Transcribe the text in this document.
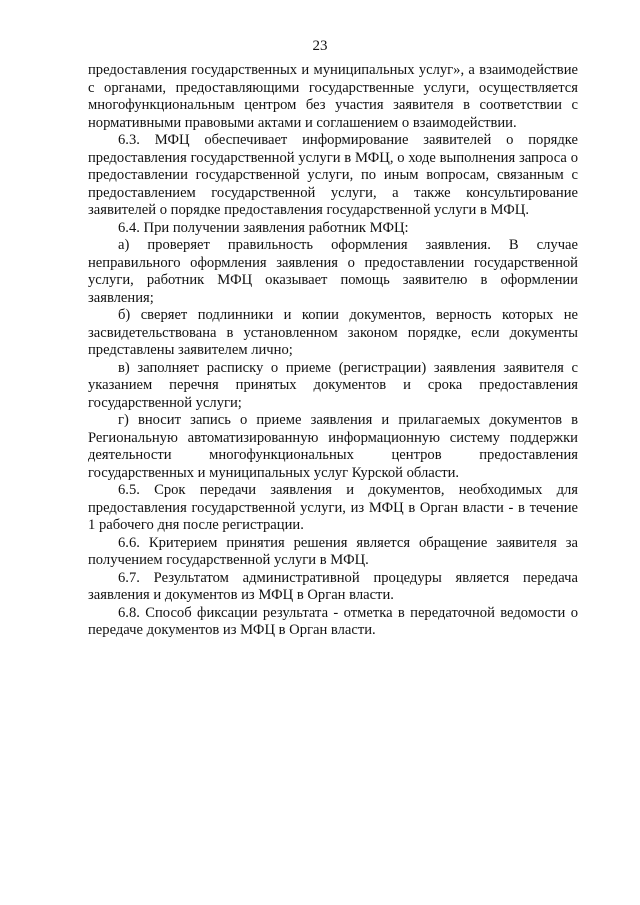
23

предоставления государственных и муниципальных услуг», а взаимодействие с органами, предоставляющими государственные услуги, осуществляется многофункциональным центром без участия заявителя в соответствии с нормативными правовыми актами и соглашением о взаимодействии.

6.3. МФЦ обеспечивает информирование заявителей о порядке предоставления государственной услуги в МФЦ, о ходе выполнения запроса о предоставлении государственной услуги, по иным вопросам, связанным с предоставлением государственной услуги, а также консультирование заявителей о порядке предоставления государственной услуги в МФЦ.

6.4. При получении заявления работник МФЦ:

а) проверяет правильность оформления заявления. В случае неправильного оформления заявления о предоставлении государственной услуги, работник МФЦ оказывает помощь заявителю в оформлении заявления;

б) сверяет подлинники и копии документов, верность которых не засвидетельствована в установленном законом порядке, если документы представлены заявителем лично;

в) заполняет расписку о приеме (регистрации) заявления заявителя с указанием перечня принятых документов и срока предоставления государственной услуги;

г) вносит запись о приеме заявления и прилагаемых документов в Региональную автоматизированную информационную систему поддержки деятельности многофункциональных центров предоставления государственных и муниципальных услуг Курской области.

6.5. Срок передачи заявления и документов, необходимых для предоставления государственной услуги, из МФЦ в Орган власти - в течение 1 рабочего дня после регистрации.

6.6. Критерием принятия решения является обращение заявителя за получением государственной услуги в МФЦ.

6.7. Результатом административной процедуры является передача заявления и документов из МФЦ в Орган власти.

6.8. Способ фиксации результата - отметка в передаточной ведомости о передаче документов из МФЦ в Орган власти.
